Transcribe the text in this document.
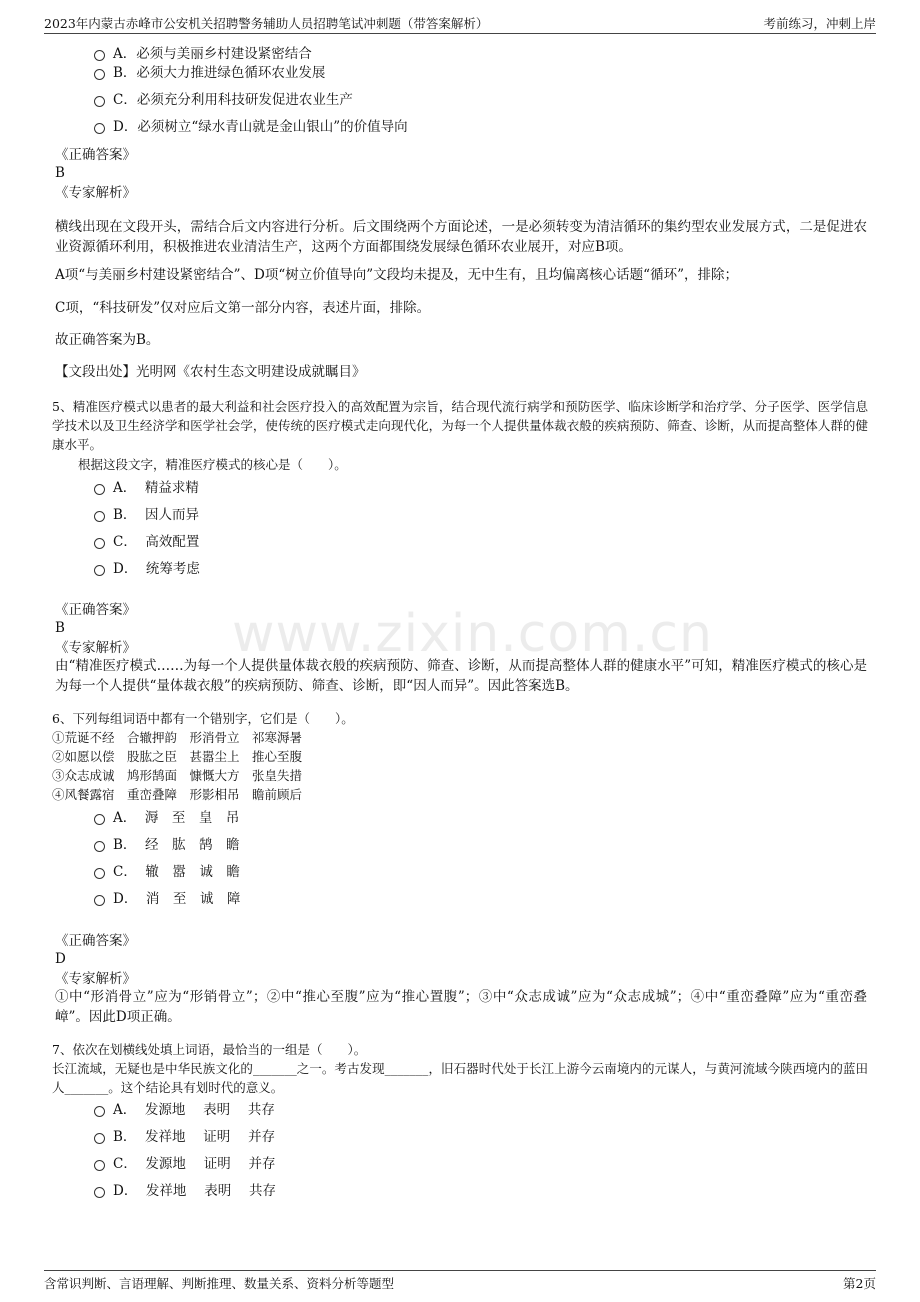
2023年内蒙古赤峰市公安机关招聘警务辅助人员招聘笔试冲刺题（带答案解析）	考前练习，冲刺上岸
www.zixin.com.cn
A．必须与美丽乡村建设紧密结合
B．必须大力推进绿色循环农业发展
C．必须充分利用科技研发促进农业生产
D．必须树立“绿水青山就是金山银山”的价值导向
《正确答案》
B
《专家解析》
横线出现在文段开头，需结合后文内容进行分析。后文围绕两个方面论述，一是必须转变为清洁循环的集约型农业发展方式，二是促进农业资源循环利用，积极推进农业清洁生产，这两个方面都围绕发展绿色循环农业展开，对应B项。
A项“与美丽乡村建设紧密结合”、D项“树立价值导向”文段均未提及，无中生有，且均偏离核心话题“循环”，排除；
C项，“科技研发”仅对应后文第一部分内容，表述片面，排除。
故正确答案为B。
【文段出处】光明网《农村生态文明建设成就瞩目》
5、精准医疗模式以患者的最大利益和社会医疗投入的高效配置为宗旨，结合现代流行病学和预防医学、临床诊断学和治疗学、分子医学、医学信息学技术以及卫生经济学和医学社会学，使传统的医疗模式走向现代化，为每一个人提供量体裁衣般的疾病预防、筛查、诊断，从而提高整体人群的健康水平。
根据这段文字，精准医疗模式的核心是（　　）。
A．  精益求精
B．  因人而异
C．  高效配置
D．  统筹考虑
《正确答案》
B
《专家解析》
由“精准医疗模式……为每一个人提供量体裁衣般的疾病预防、筛查、诊断，从而提高整体人群的健康水平”可知，精准医疗模式的核心是为每一个人提供“量体裁衣般”的疾病预防、筛查、诊断，即“因人而异”。因此答案选B。
6、下列每组词语中都有一个错别字，它们是（　　）。
①荒诞不经　合辙押韵　形消骨立　祁寒溽暑
②如愿以偿　股肱之臣　甚嚣尘上　推心至腹
③众志成诚　鸠形鹄面　慷慨大方　张皇失措
④风餐露宿　重峦叠障　形影相吊　瞻前顾后
A．  溽　至　皇　吊
B．  经　肱　鹄　瞻
C．  辙　嚣　诚　瞻
D．  消　至　诚　障
《正确答案》
D
《专家解析》
①中“形消骨立”应为“形销骨立”；②中“推心至腹”应为“推心置腹”；③中“众志成诚”应为“众志成城”；④中“重峦叠障”应为“重峦叠嶂”。因此D项正确。
7、依次在划横线处填上词语，最恰当的一组是（　　）。
长江流域，无疑也是中华民族文化的_______之一。考古发现_______，旧石器时代处于长江上游今云南境内的元谋人，与黄河流域今陕西境内的蓝田人_______。这个结论具有划时代的意义。
A．  发源地　 表明　 共存
B．  发祥地　 证明　 并存
C．  发源地　 证明　 并存
D．  发祥地　 表明　 共存
含常识判断、言语理解、判断推理、数量关系、资料分析等题型	第2页
